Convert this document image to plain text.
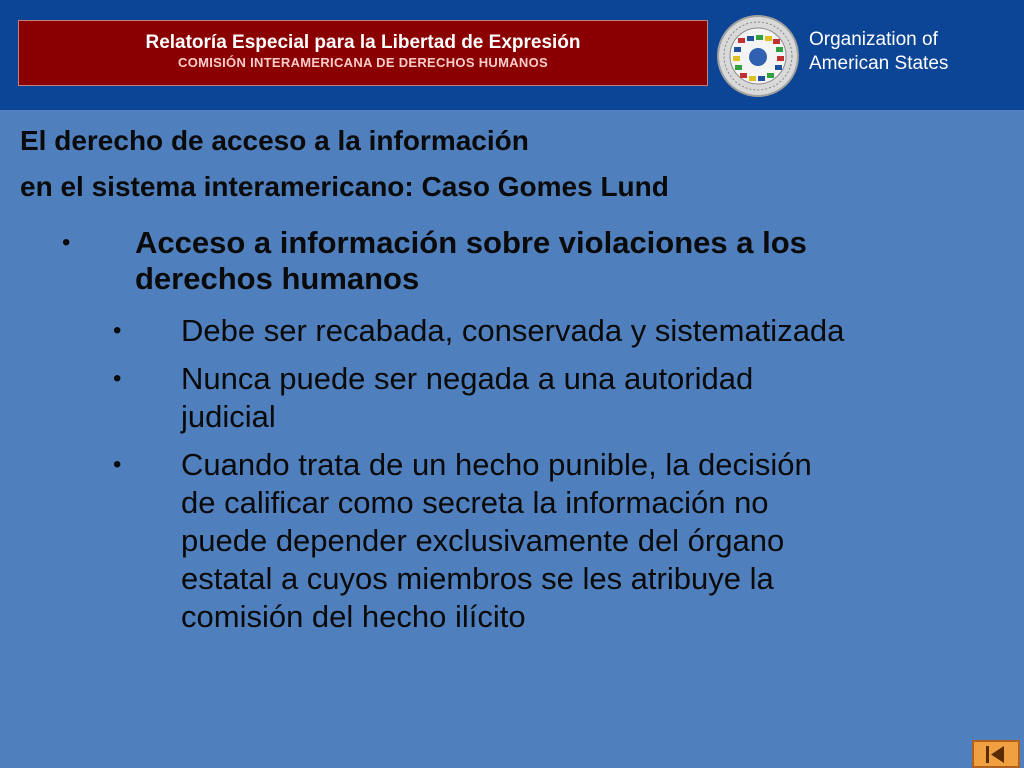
Relatoría Especial para la Libertad de Expresión
COMISIÓN INTERAMERICANA DE DERECHOS HUMANOS
Organization of
American States
El derecho de acceso a la información
en el sistema interamericano: Caso Gomes Lund
• Acceso a información sobre violaciones a los
derechos humanos
• Debe ser recabada, conservada y sistematizada
• Nunca puede ser negada a una autoridad
judicial
• Cuando trata de un hecho punible, la decisión
de calificar como secreta la información no
puede depender exclusivamente del órgano
estatal a cuyos miembros se les atribuye la
comisión del hecho ilícito
